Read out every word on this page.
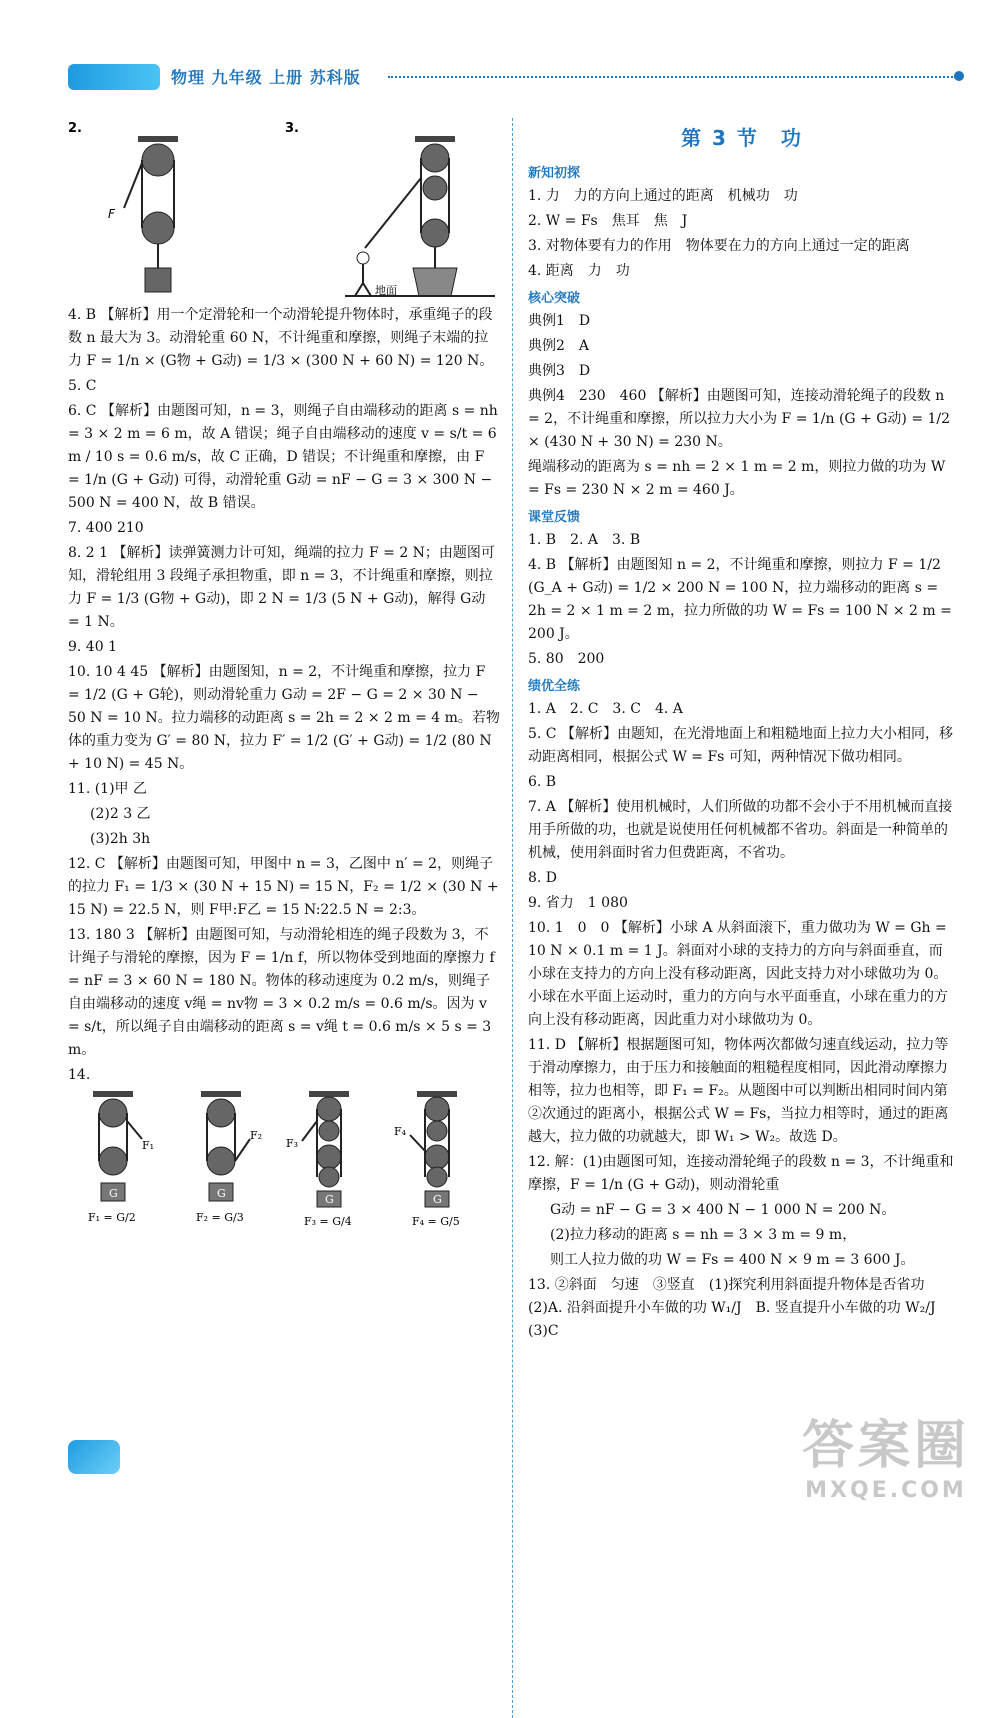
物理 九年级 上册 苏科版
2.
F
3.
地面
4. B 【解析】用一个定滑轮和一个动滑轮提升物体时，承重绳子的段数 n 最大为 3。动滑轮重 60 N，不计绳重和摩擦，则绳子末端的拉力 F = 1/n × (G物 + G动) = 1/3 × (300 N + 60 N) = 120 N。
5. C
6. C 【解析】由题图可知，n = 3，则绳子自由端移动的距离 s = nh = 3 × 2 m = 6 m，故 A 错误；绳子自由端移动的速度 v = s/t = 6 m / 10 s = 0.6 m/s，故 C 正确，D 错误；不计绳重和摩擦，由 F = 1/n (G + G动) 可得，动滑轮重 G动 = nF − G = 3 × 300 N − 500 N = 400 N，故 B 错误。
7. 400 210
8. 2 1 【解析】读弹簧测力计可知，绳端的拉力 F = 2 N；由题图可知，滑轮组用 3 段绳子承担物重，即 n = 3，不计绳重和摩擦，则拉力 F = 1/3 (G物 + G动)，即 2 N = 1/3 (5 N + G动)，解得 G动 = 1 N。
9. 40 1
10. 10 4 45 【解析】由题图知，n = 2，不计绳重和摩擦，拉力 F = 1/2 (G + G轮)，则动滑轮重力 G动 = 2F − G = 2 × 30 N − 50 N = 10 N。拉力端移的动距离 s = 2h = 2 × 2 m = 4 m。若物体的重力变为 G′ = 80 N，拉力 F′ = 1/2 (G′ + G动) = 1/2 (80 N + 10 N) = 45 N。
11. (1)甲 乙
(2)2 3 乙
(3)2h 3h
12. C 【解析】由题图可知，甲图中 n = 3，乙图中 n′ = 2，则绳子的拉力 F₁ = 1/3 × (30 N + 15 N) = 15 N，F₂ = 1/2 × (30 N + 15 N) = 22.5 N，则 F甲:F乙 = 15 N:22.5 N = 2:3。
13. 180 3 【解析】由题图可知，与动滑轮相连的绳子段数为 3，不计绳子与滑轮的摩擦，因为 F = 1/n f，所以物体受到地面的摩擦力 f = nF = 3 × 60 N = 180 N。物体的移动速度为 0.2 m/s，则绳子自由端移动的速度 v绳 = nv物 = 3 × 0.2 m/s = 0.6 m/s。因为 v = s/t，所以绳子自由端移动的距离 s = v绳 t = 0.6 m/s × 5 s = 3 m。
14.
F₁
G
F₁ = G/2
F₂
G
F₂ = G/3
F₃
G
F₃ = G/4
F₄
G
F₄ = G/5
第 3 节　功
新知初探
1. 力　力的方向上通过的距离　机械功　功
2. W = Fs　焦耳　焦　J
3. 对物体要有力的作用　物体要在力的方向上通过一定的距离
4. 距离　力　功
核心突破
典例1　D
典例2　A
典例3　D
典例4　230　460 【解析】由题图可知，连接动滑轮绳子的段数 n = 2，不计绳重和摩擦，所以拉力大小为 F = 1/n (G + G动) = 1/2 × (430 N + 30 N) = 230 N。
绳端移动的距离为 s = nh = 2 × 1 m = 2 m，则拉力做的功为 W = Fs = 230 N × 2 m = 460 J。
课堂反馈
1. B　2. A　3. B
4. B 【解析】由题图知 n = 2，不计绳重和摩擦，则拉力 F = 1/2 (G_A + G动) = 1/2 × 200 N = 100 N，拉力端移动的距离 s = 2h = 2 × 1 m = 2 m，拉力所做的功 W = Fs = 100 N × 2 m = 200 J。
5. 80　200
绩优全练
1. A　2. C　3. C　4. A
5. C 【解析】由题知，在光滑地面上和粗糙地面上拉力大小相同，移动距离相同，根据公式 W = Fs 可知，两种情况下做功相同。
6. B
7. A 【解析】使用机械时，人们所做的功都不会小于不用机械而直接用手所做的功，也就是说使用任何机械都不省功。斜面是一种简单的机械，使用斜面时省力但费距离，不省功。
8. D
9. 省力　1 080
10. 1　0　0 【解析】小球 A 从斜面滚下，重力做功为 W = Gh = 10 N × 0.1 m = 1 J。斜面对小球的支持力的方向与斜面垂直，而小球在支持力的方向上没有移动距离，因此支持力对小球做功为 0。小球在水平面上运动时，重力的方向与水平面垂直，小球在重力的方向上没有移动距离，因此重力对小球做功为 0。
11. D 【解析】根据题图可知，物体两次都做匀速直线运动，拉力等于滑动摩擦力，由于压力和接触面的粗糙程度相同，因此滑动摩擦力相等，拉力也相等，即 F₁ = F₂。从题图中可以判断出相同时间内第②次通过的距离小，根据公式 W = Fs，当拉力相等时，通过的距离越大，拉力做的功就越大，即 W₁ > W₂。故选 D。
12. 解：(1)由题图可知，连接动滑轮绳子的段数 n = 3，不计绳重和摩擦，F = 1/n (G + G动)，则动滑轮重
G动 = nF − G = 3 × 400 N − 1 000 N = 200 N。
(2)拉力移动的距离 s = nh = 3 × 3 m = 9 m，
则工人拉力做的功 W = Fs = 400 N × 9 m = 3 600 J。
13. ②斜面　匀速　③竖直　(1)探究利用斜面提升物体是否省功　(2)A. 沿斜面提升小车做的功 W₁/J　B. 竖直提升小车做的功 W₂/J　(3)C
答案圈
MXQE.COM
